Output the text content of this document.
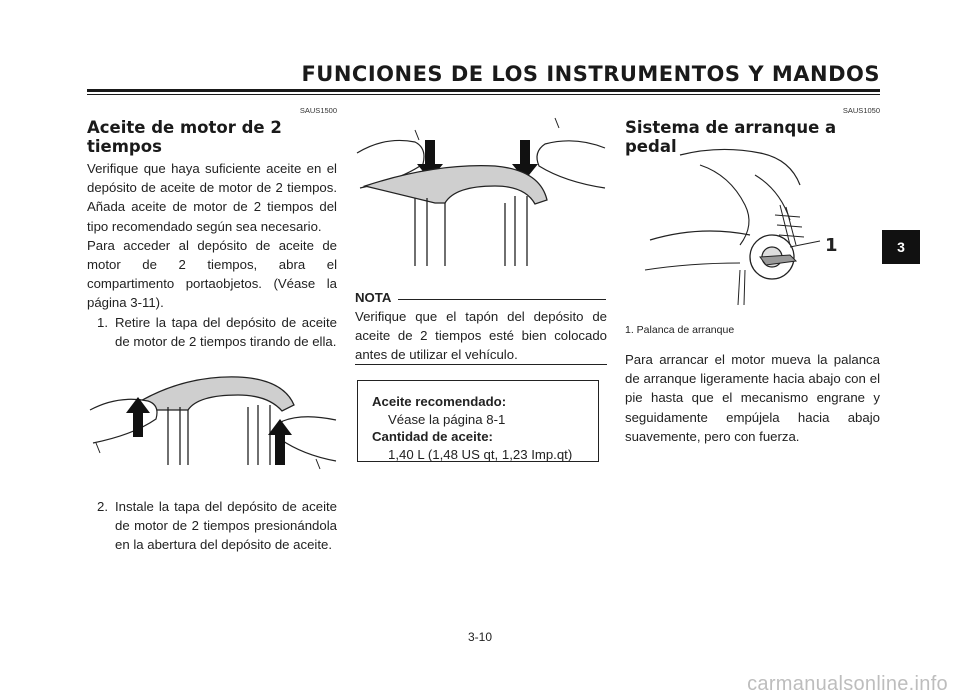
FUNCIONES DE LOS INSTRUMENTOS Y MANDOS
SAUS1500
Aceite de motor de 2 tiempos
Verifique que haya suficiente aceite en el depósito de aceite de motor de 2 tiempos. Añada aceite de motor de 2 tiempos del tipo recomendado según sea necesario.
Para acceder al depósito de aceite de motor de 2 tiempos, abra el compartimento portaobjetos. (Véase la página 3-11).
1. Retire la tapa del depósito de aceite de motor de 2 tiempos tirando de ella.
2. Instale la tapa del depósito de aceite de motor de 2 tiempos presionándola en la abertura del depósito de aceite.
NOTA
Verifique que el tapón del depósito de aceite de 2 tiempos esté bien colocado antes de utilizar el vehículo.
Aceite recomendado:
Véase la página 8-1
Cantidad de aceite:
1,40 L (1,48 US qt, 1,23 Imp.qt)
SAUS1050
Sistema de arranque a pedal
1
1. Palanca de arranque
Para arrancar el motor mueva la palanca de arranque ligeramente hacia abajo con el pie hasta que el mecanismo engrane y seguidamente empújela hacia abajo suavemente, pero con fuerza.
3
3-10
carmanualsonline.info
